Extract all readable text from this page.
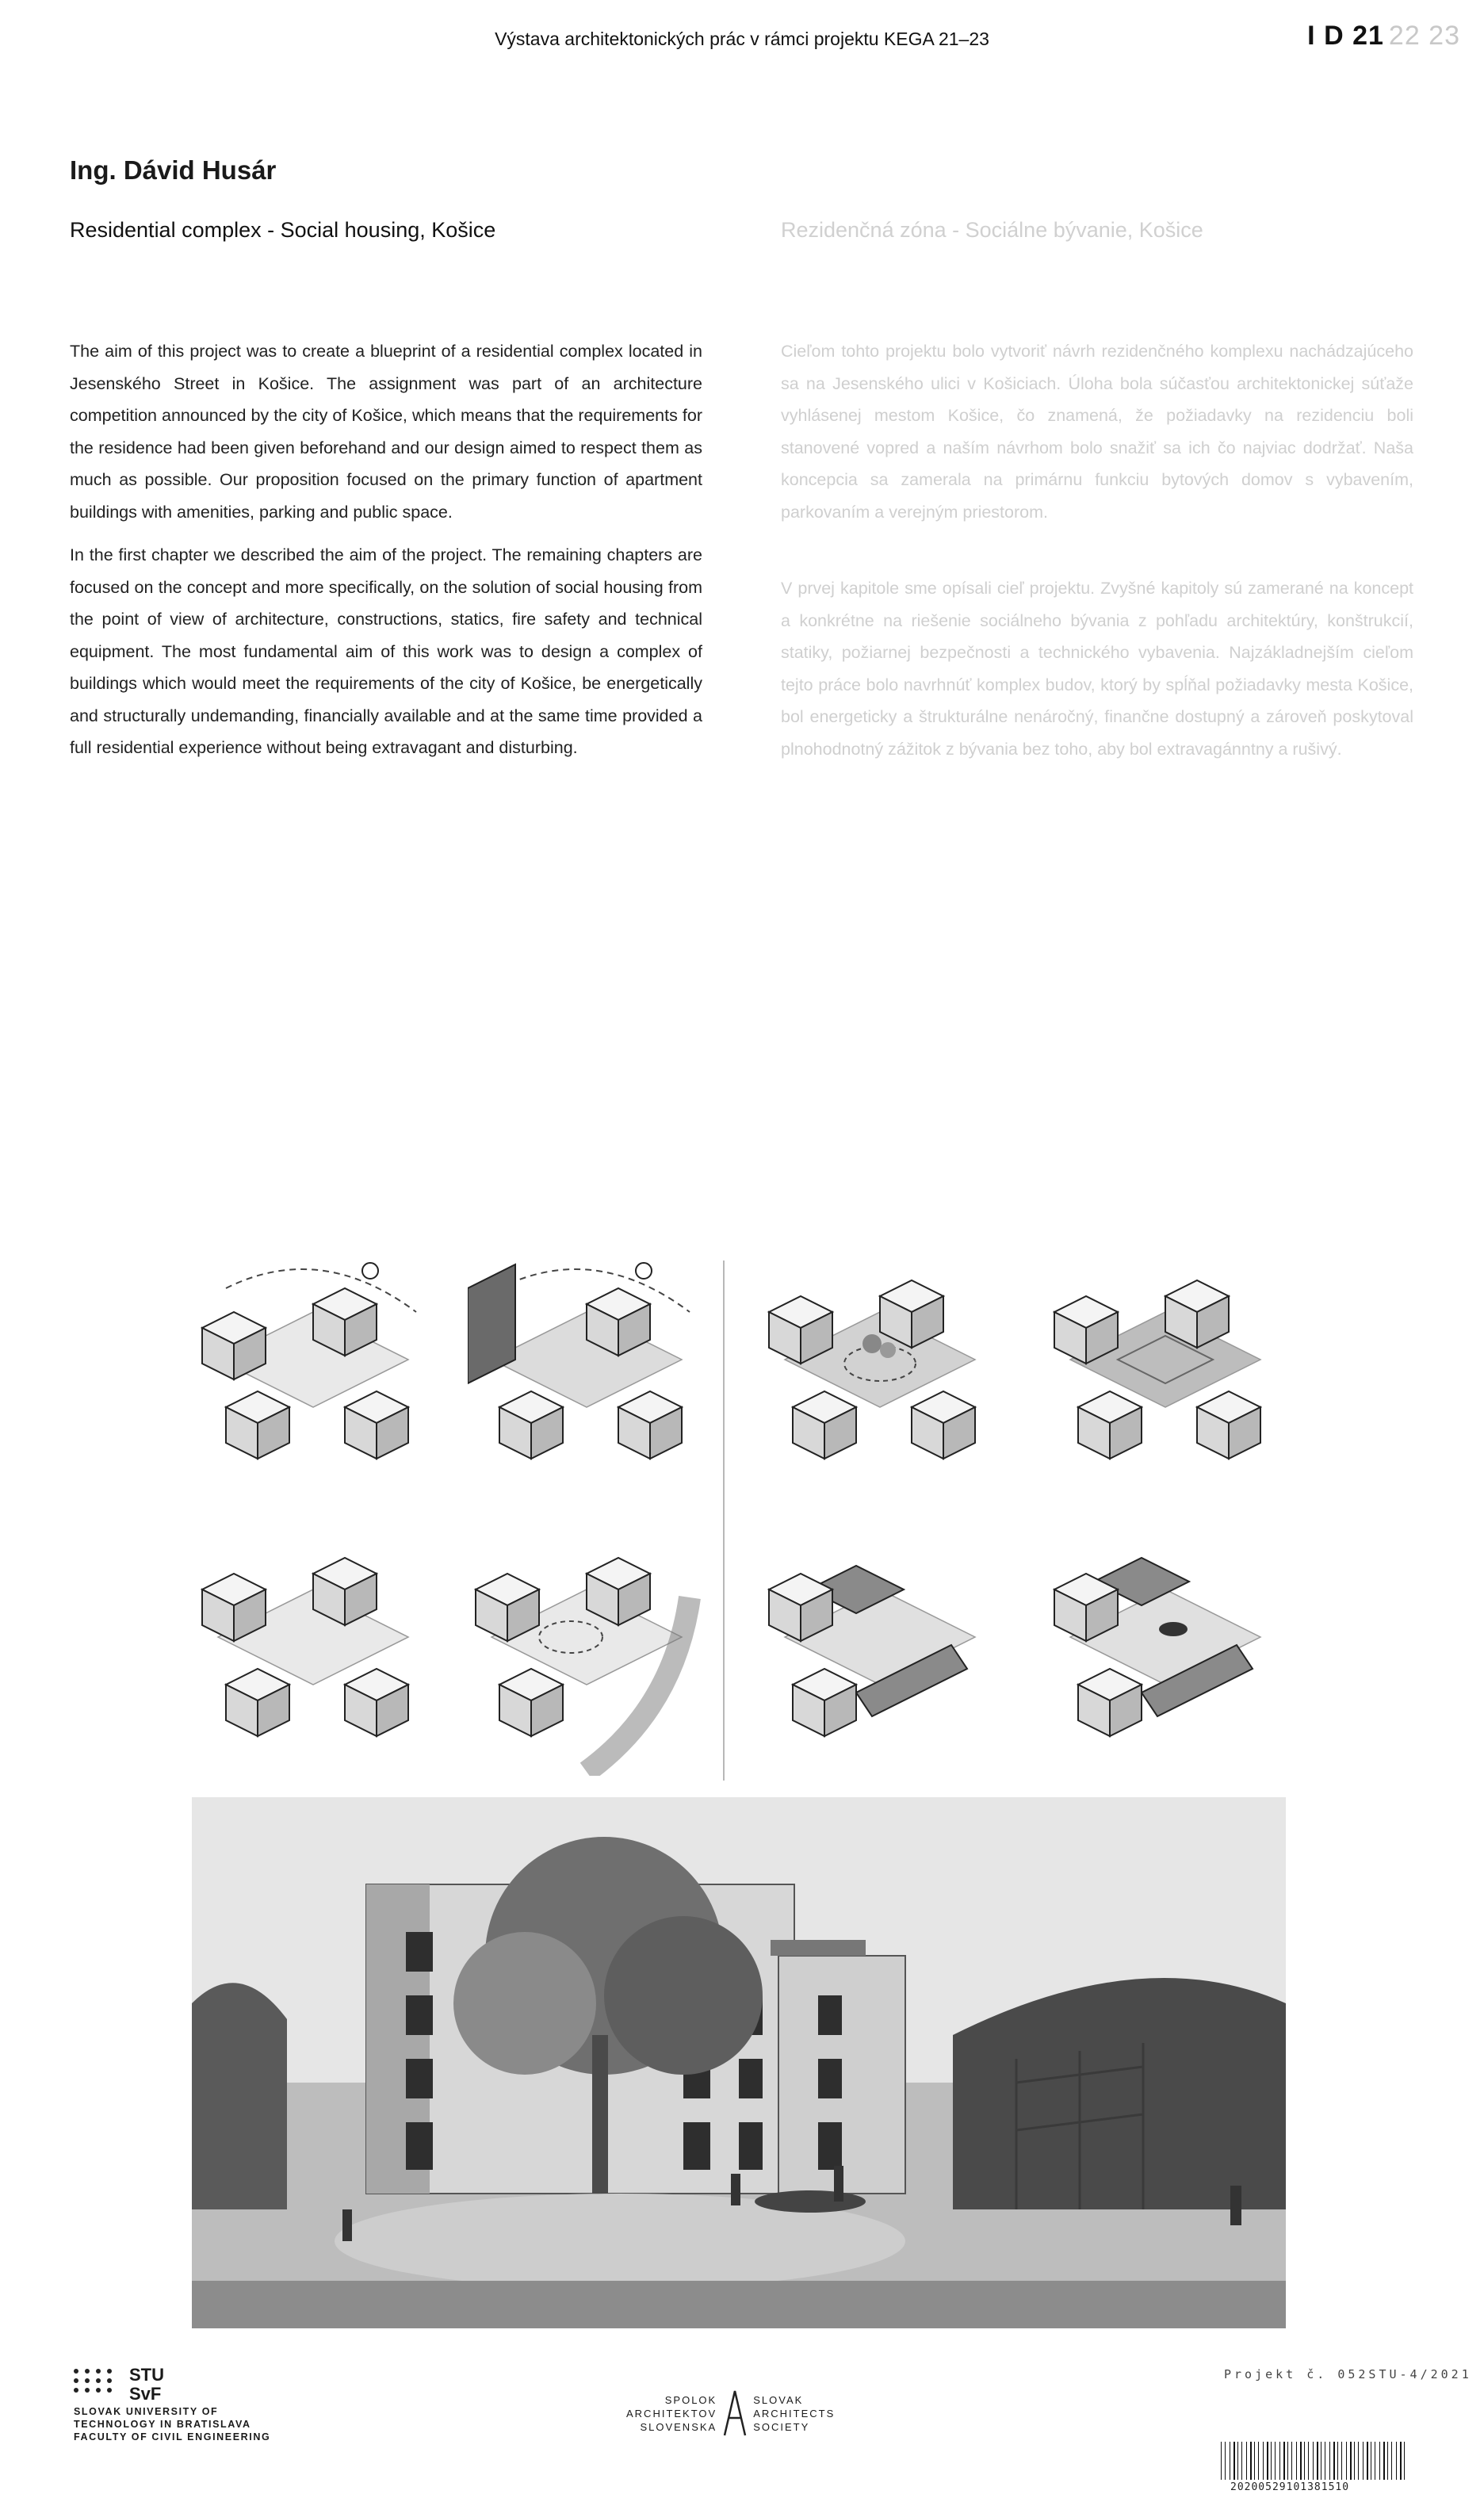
Výstava architektonických prác v rámci projektu KEGA 21–23	I D 21 22 23
Ing. Dávid Husár
Residential complex - Social housing, Košice	Rezidenčná zóna - Sociálne bývanie, Košice

The aim of this project was to create a blueprint of a residential complex located in Jesenského Street in Košice. The assignment was part of an architecture competition announced by the city of Košice, which means that the requirements for the residence had been given beforehand and our design aimed to respect them as much as possible. Our proposition focused on the primary function of apartment buildings with amenities, parking and public space.

In the first chapter we described the aim of the project. The remaining chapters are focused on the concept and more specifically, on the solution of social housing from the point of view of architecture, constructions, statics, fire safety and technical equipment. The most fundamental aim of this work was to design a complex of buildings which would meet the requirements of the city of Košice, be energetically and structurally undemanding, financially available and at the same time provided a full residential experience without being extravagant and disturbing.

Cieľom tohto projektu bolo vytvoriť návrh rezidenčného komplexu nachádzajúceho sa na Jesenského ulici v Košiciach. Úloha bola súčasťou architektonickej súťaže vyhlásenej mestom Košice, čo znamená, že požiadavky na rezidenciu boli stanovené vopred a naším návrhom bolo snažiť sa ich čo najviac dodržať. Naša koncepcia sa zamerala na primárnu funkciu bytových domov s vybavením, parkovaním a verejným priestorom.

V prvej kapitole sme opísali cieľ projektu. Zvyšné kapitoly sú zamerané na koncept a konkrétne na riešenie sociálneho bývania z pohľadu architektúry, konštrukcií, statiky, požiarnej bezpečnosti a technického vybavenia. Najzákladnejším cieľom tejto práce bolo navrhnúť komplex budov, ktorý by spĺňal požiadavky mesta Košice, bol energeticky a štrukturálne nenáročný, finančne dostupný a zároveň poskytoval plnohodnotný zážitok z bývania bez toho, aby bol extravagánntny a rušivý.

STU
SvF
SLOVAK UNIVERSITY OF
TECHNOLOGY IN BRATISLAVA
FACULTY OF CIVIL ENGINEERING
SPOLOK
ARCHITEKTOV
SLOVENSKA
SLOVAK
ARCHITECTS
SOCIETY
Projekt č. 052STU-4/2021
20200529101381510
